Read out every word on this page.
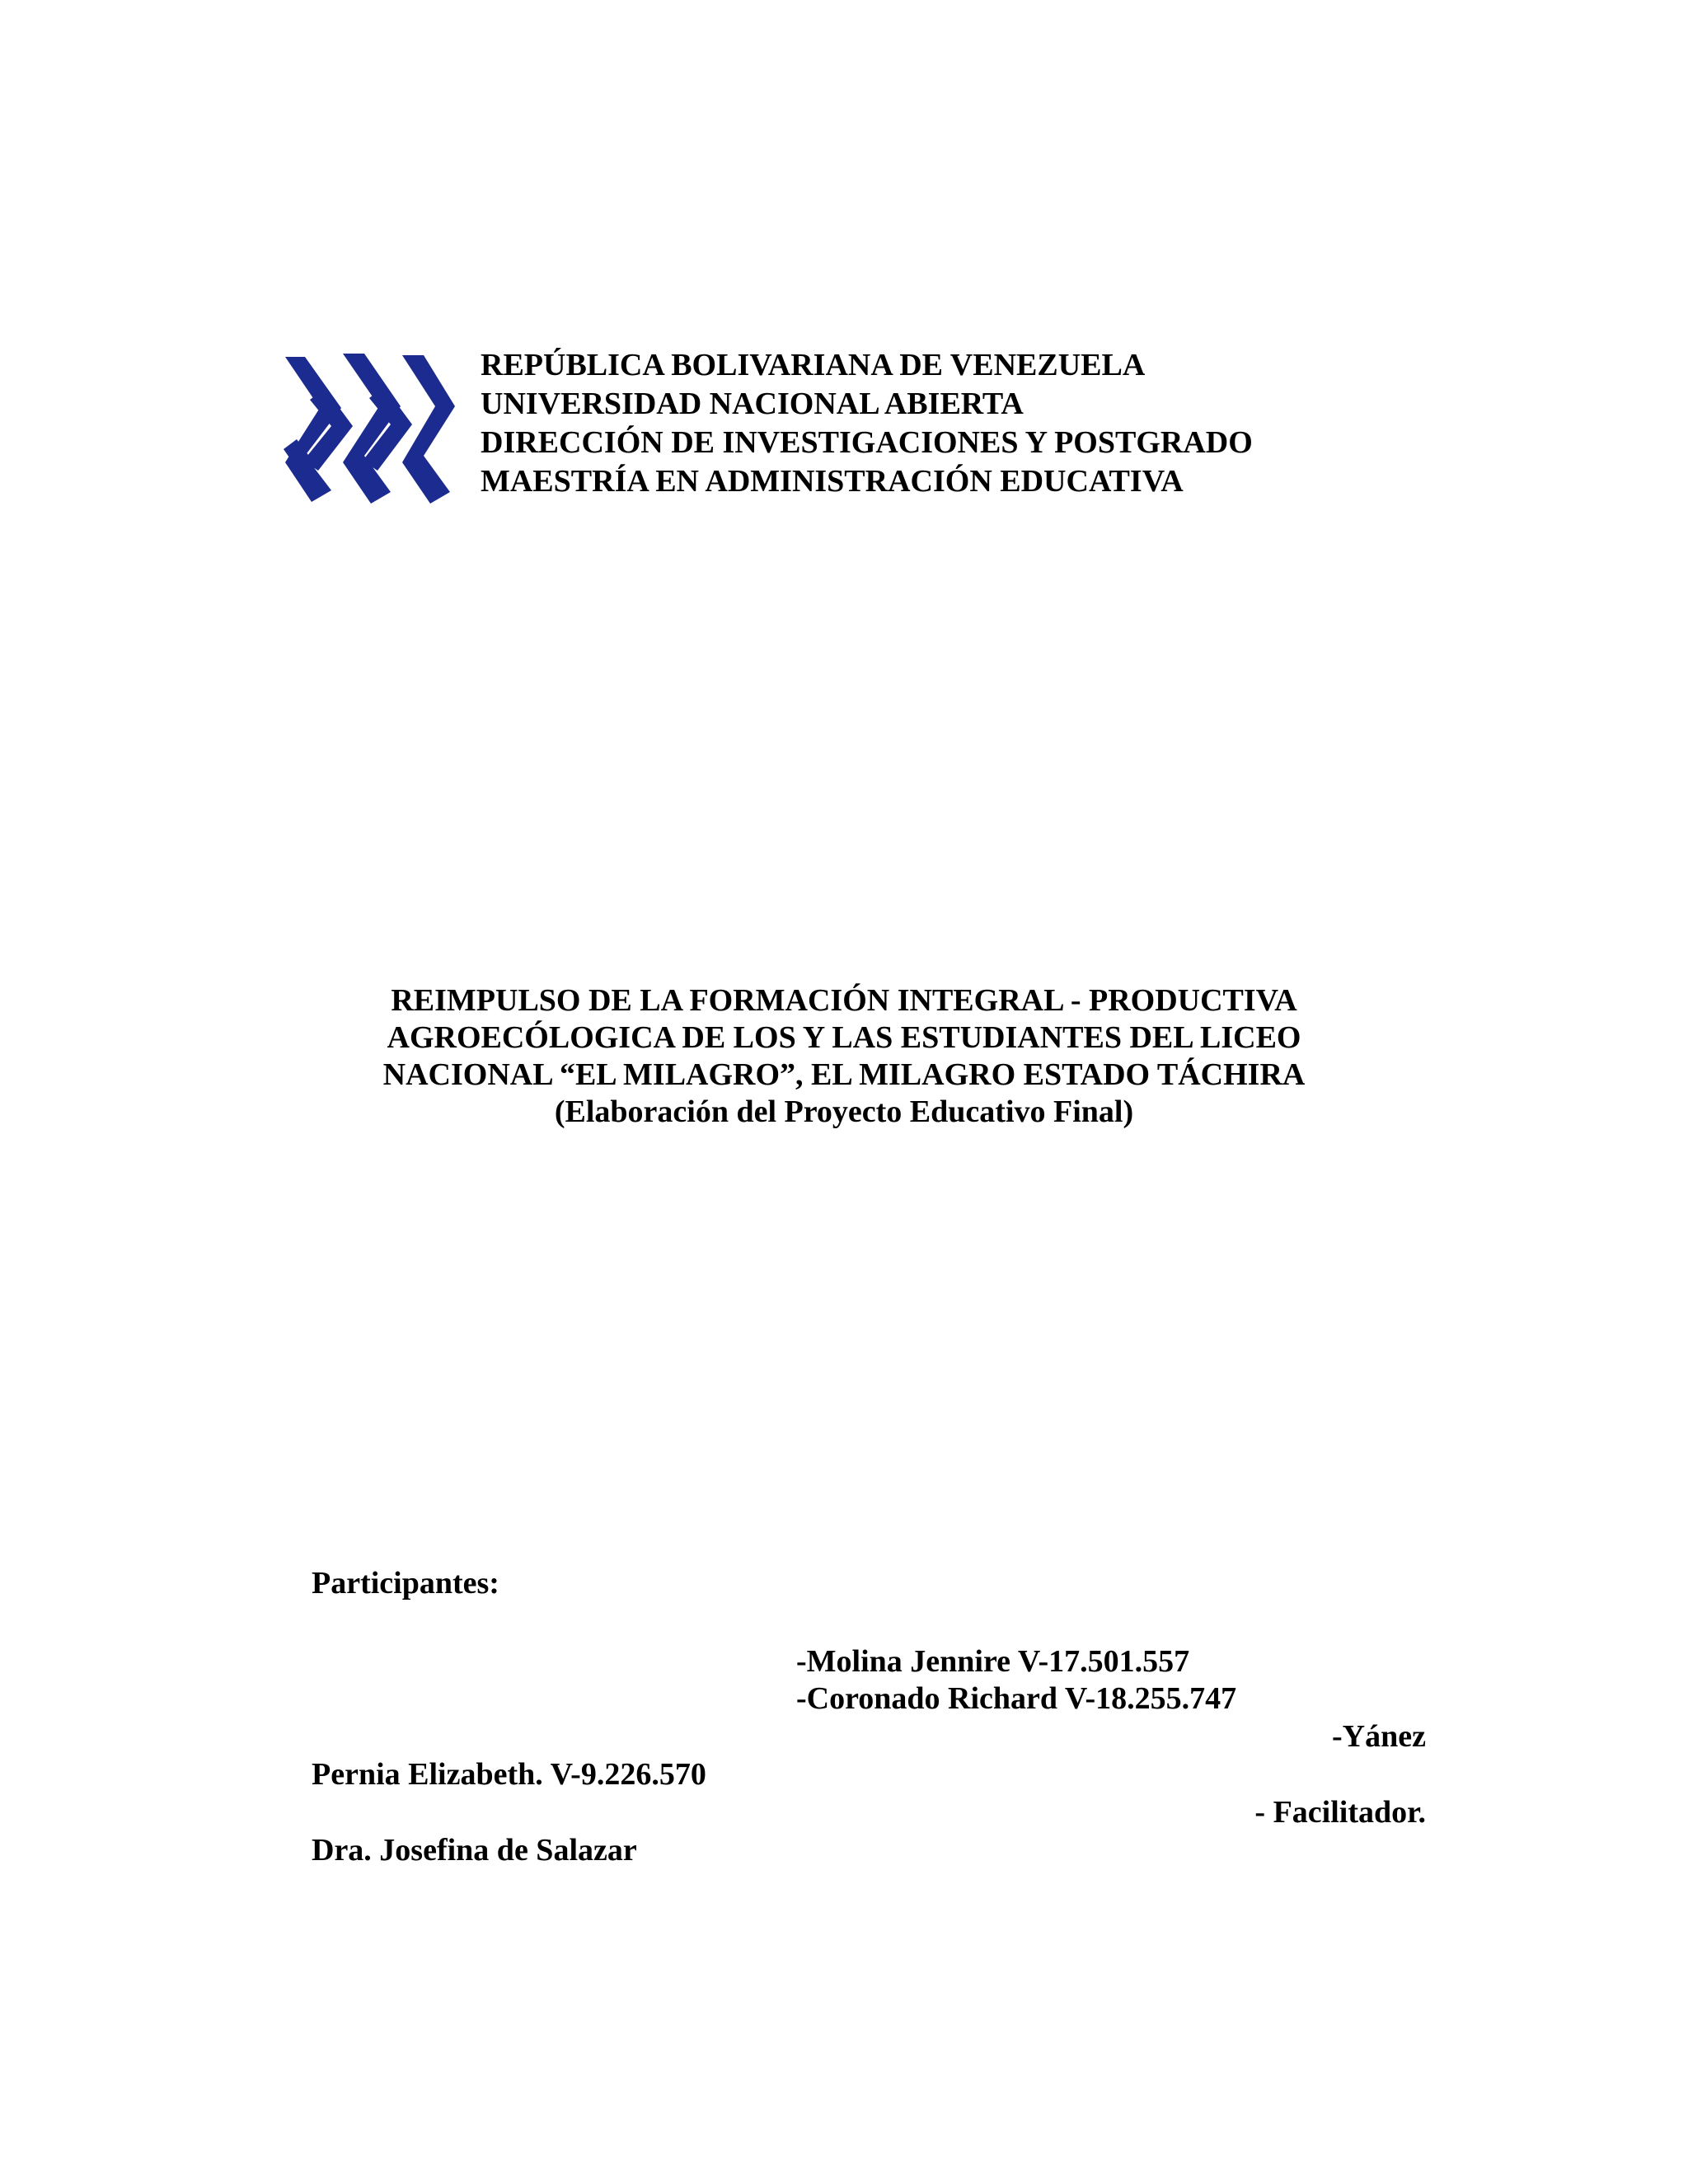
REPÚBLICA BOLIVARIANA DE VENEZUELA
UNIVERSIDAD NACIONAL ABIERTA
DIRECCIÓN DE INVESTIGACIONES Y POSTGRADO
MAESTRÍA EN ADMINISTRACIÓN EDUCATIVA
REIMPULSO DE LA FORMACIÓN INTEGRAL - PRODUCTIVA
AGROECÓLOGICA DE LOS Y LAS ESTUDIANTES DEL LICEO
NACIONAL “EL MILAGRO”, EL MILAGRO ESTADO TÁCHIRA
(Elaboración del Proyecto Educativo Final)
Participantes:
-Molina Jennire V-17.501.557
-Coronado Richard V-18.255.747
-Yánez
Pernia Elizabeth. V-9.226.570
- Facilitador.
Dra. Josefina de Salazar
